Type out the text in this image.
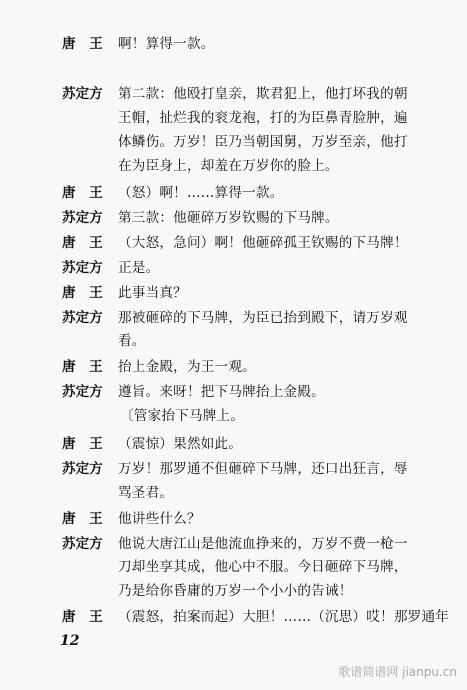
唐　王	啊！算得一款。
苏定方	第二款：他殴打皇亲，欺君犯上，他打坏我的朝
王帽，扯烂我的衮龙袍，打的为臣鼻青脸肿，遍
体鳞伤。万岁！臣乃当朝国舅，万岁至亲，他打
在为臣身上，却羞在万岁你的脸上。
唐　王	（怒）啊！……算得一款。
苏定方	第三款：他砸碎万岁钦赐的下马牌。
唐　王	（大怒，急问）啊！他砸碎孤王钦赐的下马牌！
苏定方	正是。
唐　王	此事当真？
苏定方	那被砸碎的下马牌，为臣已抬到殿下，请万岁观
看。
唐　王	抬上金殿，为王一观。
苏定方	遵旨。来呀！把下马牌抬上金殿。
〔管家抬下马牌上。
唐　王	（震惊）果然如此。
苏定方	万岁！那罗通不但砸碎下马牌，还口出狂言，辱
骂圣君。
唐　王	他讲些什么？
苏定方	他说大唐江山是他流血挣来的，万岁不费一枪一
刀却坐享其成，他心中不服。今日砸碎下马牌，
乃是给你昏庸的万岁一个小小的告诫！
唐　王	（震怒，拍案而起）大胆！……（沉思）哎！那罗通年
12
歌谱简谱网 jianpu.cn
